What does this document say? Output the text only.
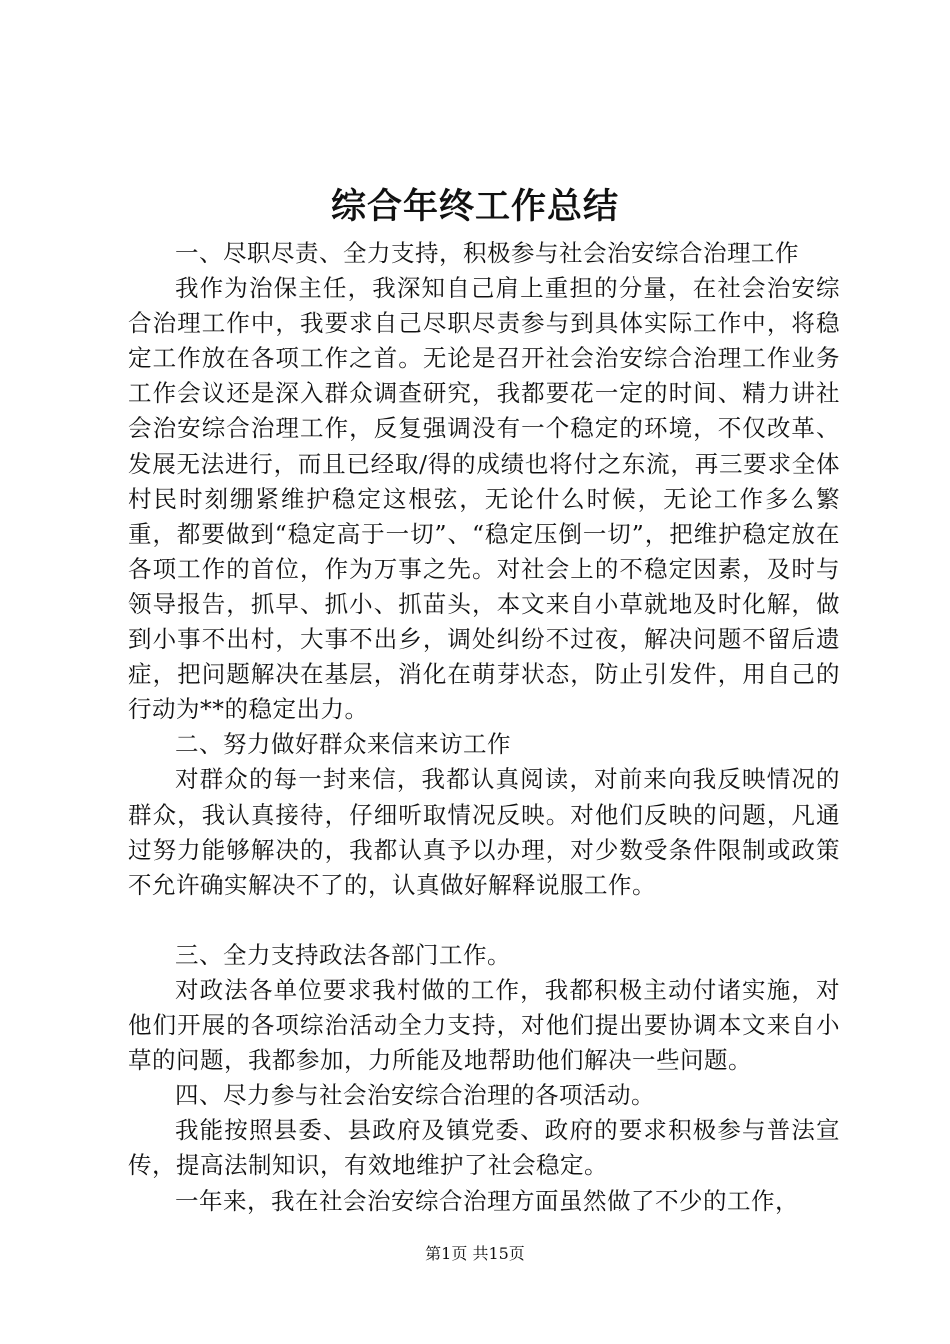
综合年终工作总结

一、尽职尽责、全力支持，积极参与社会治安综合治理工作

我作为治保主任，我深知自己肩上重担的分量，在社会治安综合治理工作中，我要求自己尽职尽责参与到具体实际工作中，将稳定工作放在各项工作之首。无论是召开社会治安综合治理工作业务工作会议还是深入群众调查研究，我都要花一定的时间、精力讲社会治安综合治理工作，反复强调没有一个稳定的环境，不仅改革、发展无法进行，而且已经取/得的成绩也将付之东流，再三要求全体村民时刻绷紧维护稳定这根弦，无论什么时候，无论工作多么繁重，都要做到“稳定高于一切”、“稳定压倒一切”，把维护稳定放在各项工作的首位，作为万事之先。对社会上的不稳定因素，及时与领导报告，抓早、抓小、抓苗头，本文来自小草就地及时化解，做到小事不出村，大事不出乡，调处纠纷不过夜，解决问题不留后遗症，把问题解决在基层，消化在萌芽状态，防止引发件，用自己的行动为**的稳定出力。

二、努力做好群众来信来访工作

对群众的每一封来信，我都认真阅读，对前来向我反映情况的群众，我认真接待，仔细听取情况反映。对他们反映的问题，凡通过努力能够解决的，我都认真予以办理，对少数受条件限制或政策不允许确实解决不了的，认真做好解释说服工作。

三、全力支持政法各部门工作。

对政法各单位要求我村做的工作，我都积极主动付诸实施，对他们开展的各项综治活动全力支持，对他们提出要协调本文来自小草的问题，我都参加，力所能及地帮助他们解决一些问题。

四、尽力参与社会治安综合治理的各项活动。

我能按照县委、县政府及镇党委、政府的要求积极参与普法宣传，提高法制知识，有效地维护了社会稳定。

一年来，我在社会治安综合治理方面虽然做了不少的工作，

第1页 共15页
